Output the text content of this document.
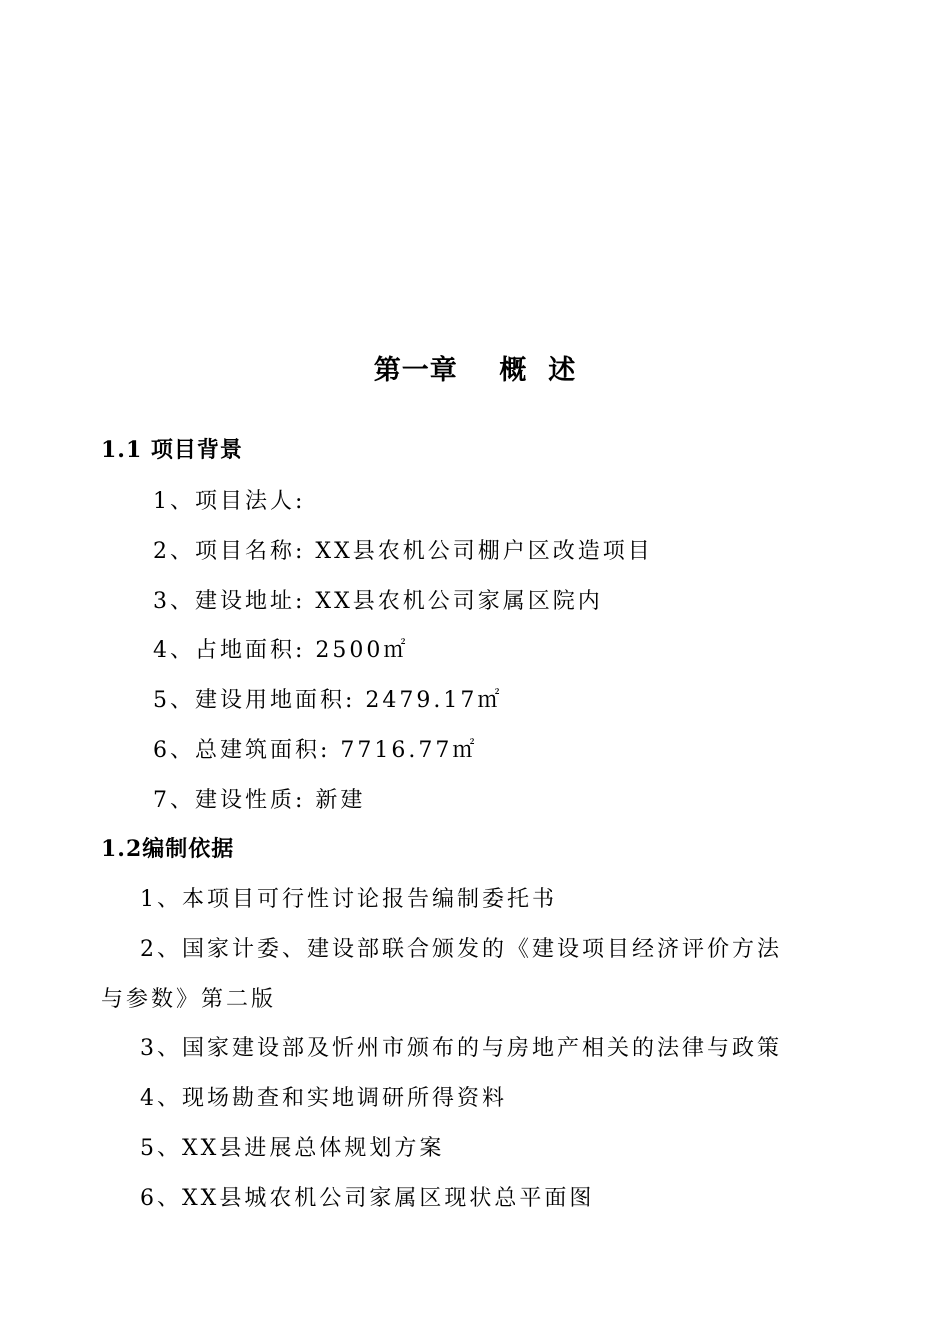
第一章    概  述
1.1 项目背景
1、项目法人:
2、项目名称: XX县农机公司棚户区改造项目
3、建设地址: XX县农机公司家属区院内
4、占地面积: 2500㎡
5、建设用地面积: 2479.17㎡
6、总建筑面积: 7716.77㎡
7、建设性质: 新建
1.2编制依据
1、本项目可行性讨论报告编制委托书
2、国家计委、建设部联合颁发的《建设项目经济评价方法
与参数》第二版
3、国家建设部及忻州市颁布的与房地产相关的法律与政策
4、现场勘查和实地调研所得资料
5、XX县进展总体规划方案
6、XX县城农机公司家属区现状总平面图
